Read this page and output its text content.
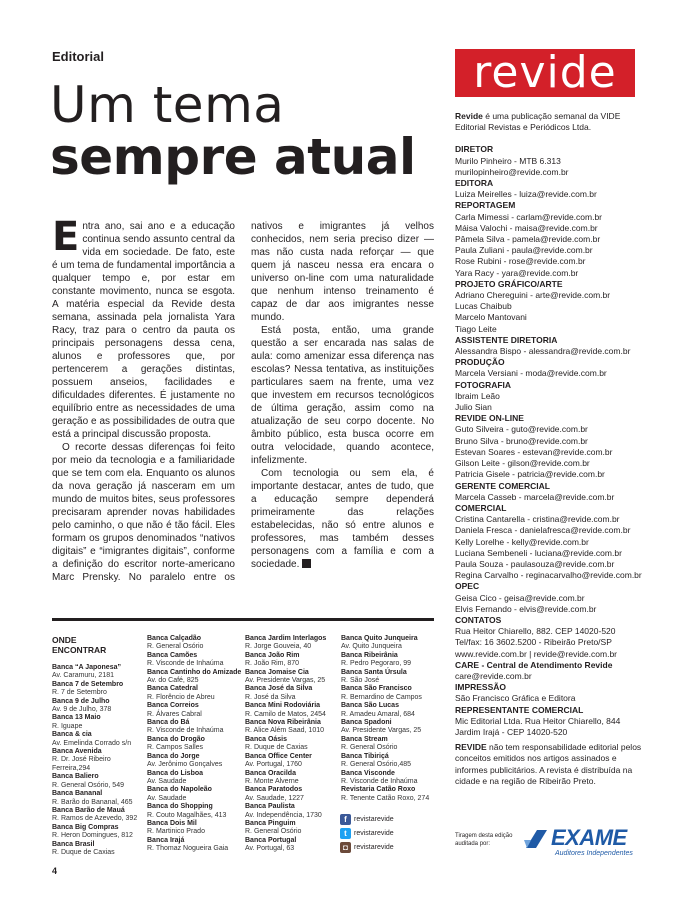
Editorial
Um tema
sempre atual

Entra ano, sai ano e a educação continua sendo assunto central da vida em sociedade. De fato, este é um tema de fundamental importância a qualquer tempo e, por estar em constante movimento, nunca se esgota. A matéria especial da Revide desta semana, assinada pela jornalista Yara Racy, traz para o centro da pauta os principais personagens dessa cena, alunos e professores que, por pertencerem a gerações distintas, possuem anseios, facilidades e dificuldades diferentes. É justamente no equilíbrio entre as necessidades de uma geração e as possibilidades de outra que está a principal discussão proposta.

O recorte dessas diferenças foi feito por meio da tecnologia e a familiaridade que se tem com ela. Enquanto os alunos da nova geração já nasceram em um mundo de muitos bites, seus professores precisaram aprender novas habilidades pelo caminho, o que não é tão fácil. Eles formam os grupos denominados “nativos digitais” e “imigrantes digitais”, conforme a definição do escritor norte-americano Marc Prensky. No paralelo entre os nativos e imigrantes já velhos conhecidos, nem seria preciso dizer — mas não custa nada reforçar — que quem já nasceu nessa era encara o universo on-line com uma naturalidade que nenhum intenso treinamento é capaz de dar aos imigrantes nesse mundo.

Está posta, então, uma grande questão a ser encarada nas salas de aula: como amenizar essa diferença nas escolas? Nessa tentativa, as instituições particulares saem na frente, uma vez que investem em recursos tecnológicos de última geração, assim como na atualização de seu corpo docente. No âmbito público, esta busca ocorre em outra velocidade, quando acontece, infelizmente.

Com tecnologia ou sem ela, é importante destacar, antes de tudo, que a educação sempre dependerá primeiramente das relações estabelecidas, não só entre alunos e professores, mas também desses personagens com a família e com a sociedade.

ONDE
ENCONTRAR
Banca “A Japonesa”
Av. Caramuru, 2181
Banca 7 de Setembro
R. 7 de Setembro
Banca 9 de Julho
Av. 9 de Julho, 378
Banca 13 Maio
R. Iguape
Banca & cia
Av. Emelinda Corrado s/n
Banca Avenida
R. Dr. José Ribeiro Ferreira,294
Banca Baliero
R. General Osório, 549
Banca Bananal
R. Barão do Bananal, 465
Banca Barão de Mauá
R. Ramos de Azevedo, 392
Banca Big Compras
R. Heron Domingues, 812
Banca Brasil
R. Duque de Caxias
Banca Calçadão
R. General Osório
Banca Camões
R. Visconde de Inhaúma
Banca Cantinho do Amizade
Av. do Café, 825
Banca Catedral
R. Florêncio de Abreu
Banca Correios
R. Álvares Cabral
Banca do Bá
R. Visconde de Inhaúma
Banca do Drogão
R. Campos Salles
Banca do Jorge
Av. Jerônimo Gonçalves
Banca do Lisboa
Av. Saudade
Banca do Napoleão
Av. Saudade
Banca do Shopping
R. Couto Magalhães, 413
Banca Dois Mil
R. Martinico Prado
Banca Irajá
R. Thomaz Nogueira Gaia
Banca Jardim Interlagos
R. Jorge Gouveia, 40
Banca João Rim
R. João Rim, 870
Banca Jomaise Cia
Av. Presidente Vargas, 25
Banca José da Silva
R. José da Silva
Banca Mini Rodoviária
R. Camilo de Matos, 2454
Banca Nova Ribeirânia
R. Alice Além Saad, 1010
Banca Oásis
R. Duque de Caxias
Banca Office Center
Av. Portugal, 1760
Banca Oracilda
R. Monte Alverne
Banca Paratodos
Av. Saudade, 1227
Banca Paulista
Av. Independência, 1730
Banca Pinguim
R. General Osório
Banca Portugal
Av. Portugal, 63
Banca Quito Junqueira
Av. Quito Junqueira
Banca Ribeirânia
R. Pedro Pegoraro, 99
Banca Santa Úrsula
R. São José
Banca São Francisco
R. Bernardino de Campos
Banca São Lucas
R. Amadeu Amaral, 684
Banca Spadoni
Av. Presidente Vargas, 25
Banca Stream
R. General Osório
Banca Tibiriçá
R. General Osório,485
Banca Visconde
R. Visconde de Inhaúma
Revistaria Catão Roxo
R. Tenente Catão Roxo, 274
f	revistarevide
t	revistarevide
◘ revistarevide
revide
Revide é uma publicação semanal da VIDE Editorial Revistas e Periódicos Ltda.
DIRETOR
Murilo Pinheiro - MTB 6.313
murilopinheiro@revide.com.br
EDITORA
Luiza Meirelles - luiza@revide.com.br
REPORTAGEM
Carla Mimessi - carlam@revide.com.br
Máisa Valochi - maisa@revide.com.br
Pâmela Silva - pamela@revide.com.br
Paula Zuliani - paula@revide.com.br
Rose Rubini - rose@revide.com.br
Yara Racy - yara@revide.com.br
PROJETO GRÁFICO/ARTE
Adriano Chereguini - arte@revide.com.br
Lucas Chaibub
Marcelo Mantovani
Tiago Leite
ASSISTENTE DIRETORIA
Alessandra Bispo - alessandra@revide.com.br
PRODUÇÃO
Marcela Versiani - moda@revide.com.br
FOTOGRAFIA
Ibraim Leão
Julio Sian
REVIDE ON-LINE
Guto Silveira - guto@revide.com.br
Bruno Silva - bruno@revide.com.br
Estevan Soares - estevan@revide.com.br
Gilson Leite - gilson@revide.com.br
Patricia Gisele - patricia@revide.com.br
GERENTE COMERCIAL
Marcela Casseb - marcela@revide.com.br
COMERCIAL
Cristina Cantarella - cristina@revide.com.br
Daniela Fresca - danielafresca@revide.com.br
Kelly Lorelhe - kelly@revide.com.br
Luciana Sembeneli - luciana@revide.com.br
Paula Souza - paulasouza@revide.com.br
Regina Carvalho - reginacarvalho@revide.com.br
OPEC
Geisa Cico - geisa@revide.com.br
Elvis Fernando - elvis@revide.com.br
CONTATOS
Rua Heitor Chiarello, 882. CEP 14020-520
Tel/fax: 16 3602.5200 - Ribeirão Preto/SP
www.revide.com.br | revide@revide.com.br
CARE - Central de Atendimento Revide
care@revide.com.br
IMPRESSÃO
São Francisco Gráfica e Editora
REPRESENTANTE COMERCIAL
Mic Editorial Ltda. Rua Heitor Chiarello, 844
Jardim Irajá - CEP 14020-520
REVIDE não tem responsabilidade editorial pelos conceitos emitidos nos artigos assinados e informes publicitários. A revista é distribuída na cidade e na região de Ribeirão Preto.
Tiragem desta edição auditada por:	EXAME
Auditores Independentes
4
